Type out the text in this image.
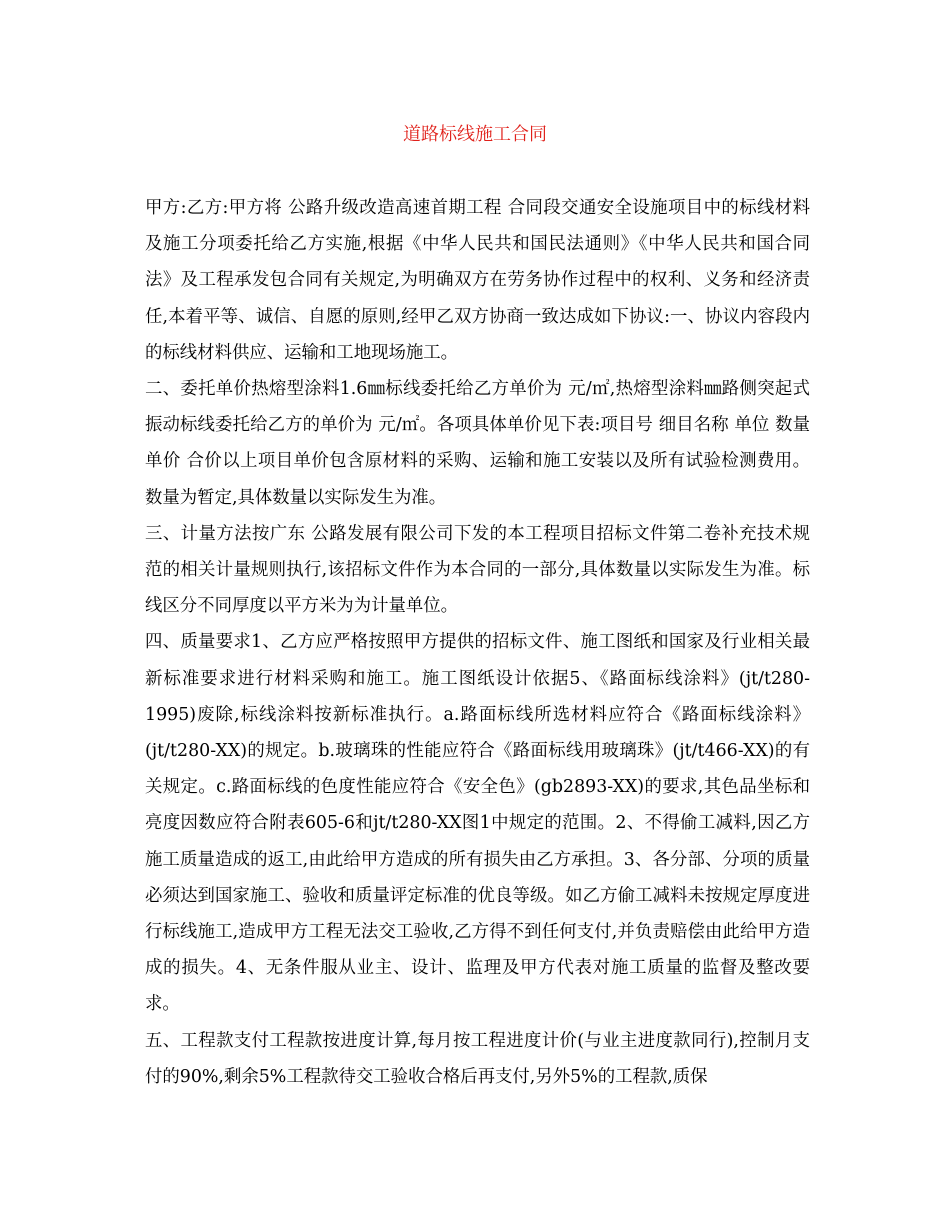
道路标线施工合同

甲方:乙方:甲方将 公路升级改造高速首期工程 合同段交通安全设施项目中的标线材料及施工分项委托给乙方实施,根据《中华人民共和国民法通则》《中华人民共和国合同法》及工程承发包合同有关规定,为明确双方在劳务协作过程中的权利、义务和经济责任,本着平等、诚信、自愿的原则,经甲乙双方协商一致达成如下协议:一、协议内容段内的标线材料供应、运输和工地现场施工。

二、委托单价热熔型涂料1.6㎜标线委托给乙方单价为 元/㎡,热熔型涂料㎜路侧突起式振动标线委托给乙方的单价为 元/㎡。各项具体单价见下表:项目号 细目名称 单位 数量 单价 合价以上项目单价包含原材料的采购、运输和施工安装以及所有试验检测费用。数量为暂定,具体数量以实际发生为准。

三、计量方法按广东 公路发展有限公司下发的本工程项目招标文件第二卷补充技术规范的相关计量规则执行,该招标文件作为本合同的一部分,具体数量以实际发生为准。标线区分不同厚度以平方米为为计量单位。

四、质量要求1、乙方应严格按照甲方提供的招标文件、施工图纸和国家及行业相关最新标准要求进行材料采购和施工。施工图纸设计依据5、《路面标线涂料》(jt/t280-1995)废除,标线涂料按新标准执行。a.路面标线所选材料应符合《路面标线涂料》(jt/t280-XX)的规定。b.玻璃珠的性能应符合《路面标线用玻璃珠》(jt/t466-XX)的有关规定。c.路面标线的色度性能应符合《安全色》(gb2893-XX)的要求,其色品坐标和亮度因数应符合附表605-6和jt/t280-XX图1中规定的范围。2、不得偷工减料,因乙方施工质量造成的返工,由此给甲方造成的所有损失由乙方承担。3、各分部、分项的质量必须达到国家施工、验收和质量评定标准的优良等级。如乙方偷工减料未按规定厚度进行标线施工,造成甲方工程无法交工验收,乙方得不到任何支付,并负责赔偿由此给甲方造成的损失。4、无条件服从业主、设计、监理及甲方代表对施工质量的监督及整改要求。

五、工程款支付工程款按进度计算,每月按工程进度计价(与业主进度款同行),控制月支付的90%,剩余5%工程款待交工验收合格后再支付,另外5%的工程款,质保
